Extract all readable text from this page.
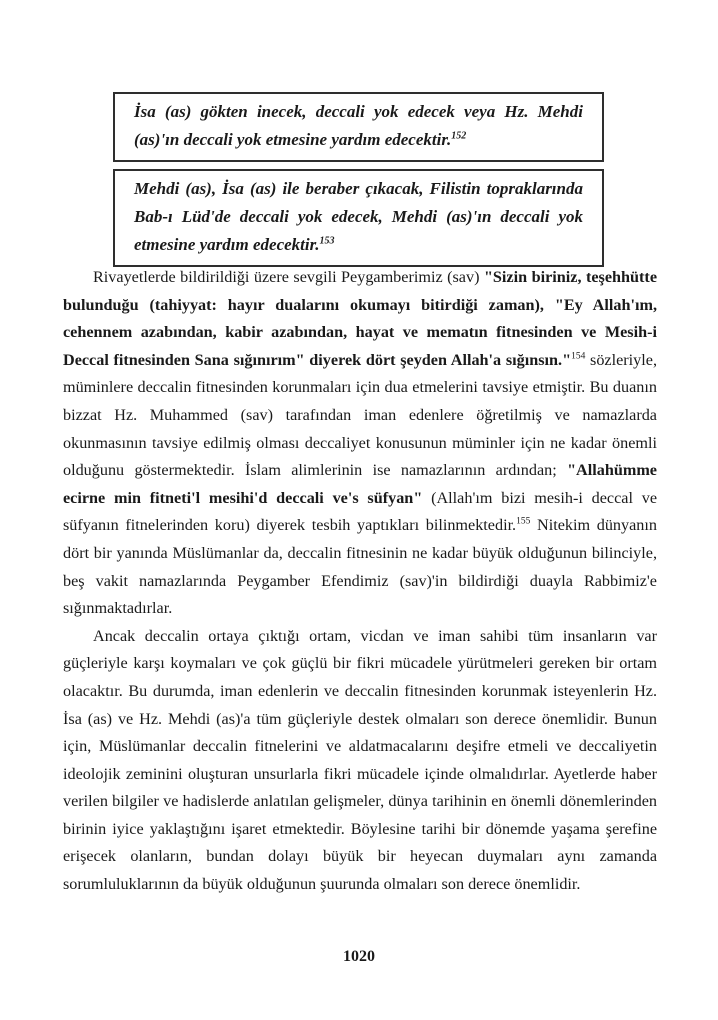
İsa (as) gökten inecek, deccali yok edecek veya Hz. Mehdi (as)'ın deccali yok etmesine yardım edecektir.$^{152}$
Mehdi (as), İsa (as) ile beraber çıkacak, Filistin topraklarında Bab-ı Lüd'de deccali yok edecek, Mehdi (as)'ın deccali yok etmesine yardım edecektir.$^{153}$

Rivayetlerde bildirildiği üzere sevgili Peygamberimiz (sav) "Sizin biriniz, teşehhütte bulunduğu (tahiyyat: hayır dualarını okumayı bitirdiği zaman), "Ey Allah'ım, cehennem azabından, kabir azabından, hayat ve mematın fitnesinden ve Mesih-i Deccal fitnesinden Sana sığınırım" diyerek dört şeyden Allah'a sığınsın."$^{154}$ sözleriyle, müminlere deccalin fitnesinden korunmaları için dua etmelerini tavsiye etmiştir. Bu duanın bizzat Hz. Muhammed (sav) tarafından iman edenlere öğretilmiş ve namazlarda okunmasının tavsiye edilmiş olması deccaliyet konusunun müminler için ne kadar önemli olduğunu göstermektedir. İslam alimlerinin ise namazlarının ardından; "Allahümme ecirne min fitneti'l mesihi'd deccali ve's süfyan" (Allah'ım bizi mesih-i deccal ve süfyanın fitnelerinden koru) diyerek tesbih yaptıkları bilinmektedir.$^{155}$ Nitekim dünyanın dört bir yanında Müslümanlar da, deccalin fitnesinin ne kadar büyük olduğunun bilinciyle, beş vakit namazlarında Peygamber Efendimiz (sav)'in bildirdiği duayla Rabbimiz'e sığınmaktadırlar.

Ancak deccalin ortaya çıktığı ortam, vicdan ve iman sahibi tüm insanların var güçleriyle karşı koymaları ve çok güçlü bir fikri mücadele yürütmeleri gereken bir ortam olacaktır. Bu durumda, iman edenlerin ve deccalin fitnesinden korunmak isteyenlerin Hz. İsa (as) ve Hz. Mehdi (as)'a tüm güçleriyle destek olmaları son derece önemlidir. Bunun için, Müslümanlar deccalin fitnelerini ve aldatmacalarını deşifre etmeli ve deccaliyetin ideolojik zeminini oluşturan unsurlarla fikri mücadele içinde olmalıdırlar. Ayetlerde haber verilen bilgiler ve hadislerde anlatılan gelişmeler, dünya tarihinin en önemli dönemlerinden birinin iyice yaklaştığını işaret etmektedir. Böylesine tarihi bir dönemde yaşama şerefine erişecek olanların, bundan dolayı büyük bir heyecan duymaları aynı zamanda sorumluluklarının da büyük olduğunun şuurunda olmaları son derece önemlidir.

1020
